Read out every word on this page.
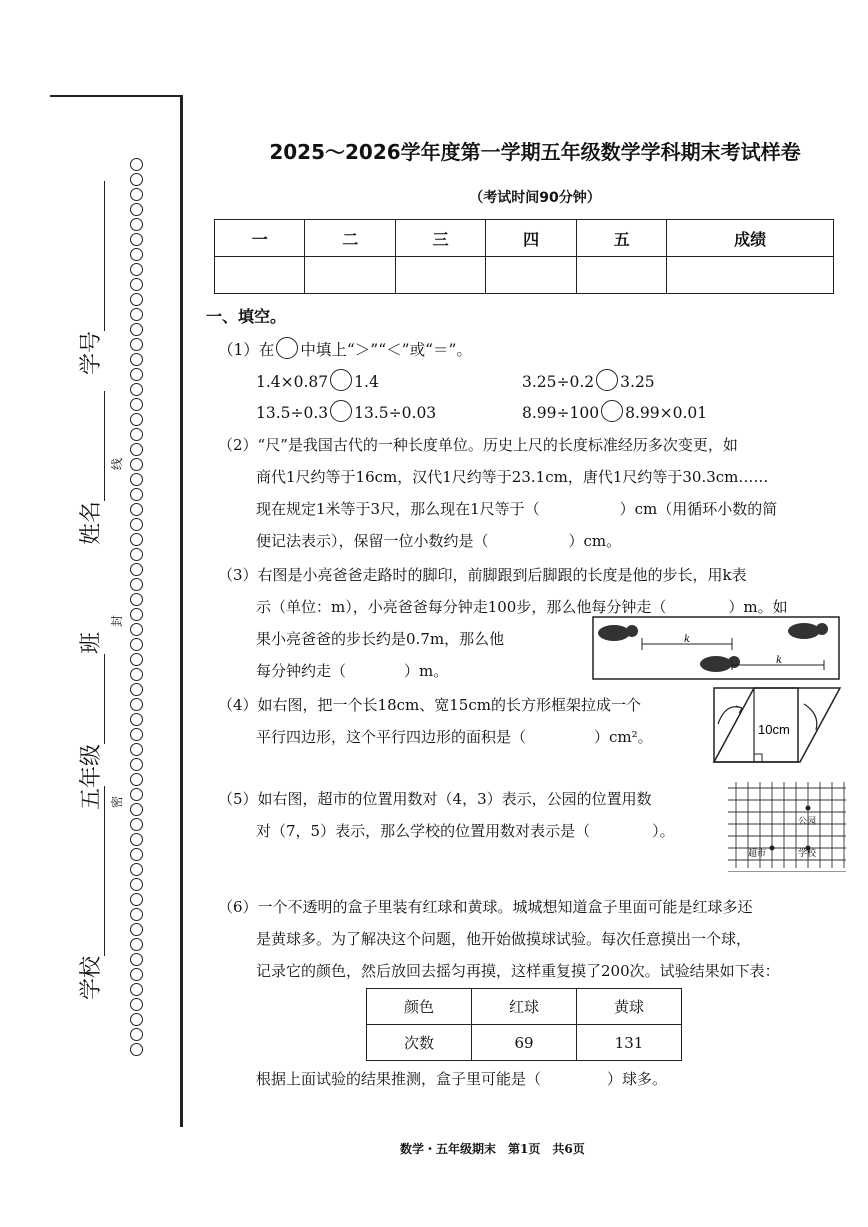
学校
五年级班
姓名
学号
线
封
密
2025～2026学年度第一学期五年级数学学科期末考试样卷
（考试时间90分钟）
一	二	三	四	五	成绩

一、填空。
（1）在 中填上“＞”“＜”或“＝”。
1.4×0.87 1.4	3.25÷0.2 3.25
13.5÷0.3 13.5÷0.03	8.99÷100 8.99×0.01
（2）“尺”是我国古代的一种长度单位。历史上尺的长度标准经历多次变更，如
商代1尺约等于16cm，汉代1尺约等于23.1cm，唐代1尺约等于30.3cm……
现在规定1米等于3尺，那么现在1尺等于（	）cm（用循环小数的简
便记法表示），保留一位小数约是（	）cm。
（3）右图是小亮爸爸走路时的脚印，前脚跟到后脚跟的长度是他的步长，用k表
示（单位：m），小亮爸爸每分钟走100步，那么他每分钟走（	）m。如
果小亮爸爸的步长约是0.7m，那么他
每分钟约走（	）m。
k
k
（4）如右图，把一个长18cm、宽15cm的长方形框架拉成一个
平行四边形，这个平行四边形的面积是（	）cm²。	10cm
（5）如右图，超市的位置用数对（4，3）表示，公园的位置用数
对（7，5）表示，那么学校的位置用数对表示是（	）。	公园
超市	学校
（6）一个不透明的盒子里装有红球和黄球。城城想知道盒子里面可能是红球多还
是黄球多。为了解决这个问题，他开始做摸球试验。每次任意摸出一个球，
记录它的颜色，然后放回去摇匀再摸，这样重复摸了200次。试验结果如下表：
颜色	红球	黄球
次数	69	131
根据上面试验的结果推测，盒子里可能是（	）球多。
数学・五年级期末　第1页　共6页
